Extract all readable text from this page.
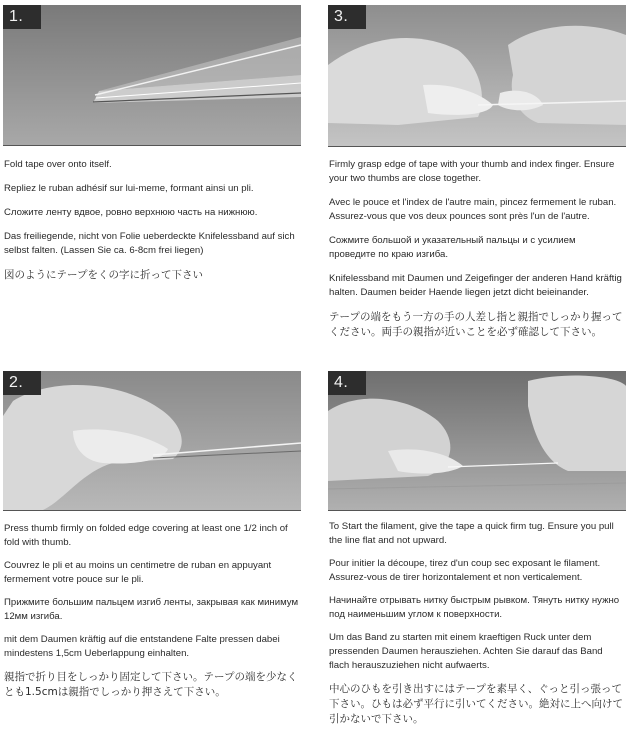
1.

Fold tape over onto itself.

Repliez le ruban adhésif sur lui-meme, formant ainsi un pli.

Сложите ленту вдвое, ровно верхнюю часть на нижнюю.

Das freiliegende, nicht von Folie ueberdeckte Knifelessband auf sich selbst falten. (Lassen Sie ca. 6-8cm frei liegen)

図のようにテープをくの字に折って下さい

3.

Firmly grasp edge of tape with your thumb and index finger. Ensure your two thumbs are close together.

Avec le pouce et l'index de l'autre main, pincez fermement le ruban. Assurez-vous que vos deux pounces sont près l'un de l'autre.

Сожмите большой и указательный пальцы и с усилием проведите по краю изгиба.

Knifelessband mit Daumen und Zeigefinger der anderen Hand kräftig halten. Daumen beider Haende liegen jetzt dicht beieinander.

テープの端をもう一方の手の人差し指と親指でしっかり握ってください。両手の親指が近いことを必ず確認して下さい。

2.

Press thumb firmly on folded edge covering at least one 1/2 inch of fold with thumb.

Couvrez le pli et au moins un centimetre de ruban en appuyant fermement votre pouce sur le pli.

Прижмите большим пальцем изгиб ленты, закрывая как минимум 12мм изгиба.

mit dem Daumen kräftig auf die entstandene Falte pressen dabei mindestens 1,5cm Ueberlappung einhalten.

親指で折り目をしっかり固定して下さい。テープの端を少なくとも1.5cmは親指でしっかり押さえて下さい。

4.

To Start the filament, give the tape a quick firm tug. Ensure you pull the line flat and not upward.

Pour initier la découpe, tirez d'un coup sec exposant le filament. Assurez-vous de tirer horizontalement et non verticalement.

Начинайте отрывать нитку быстрым рывком. Тянуть нитку нужно под наименьшим углом к поверхности.

Um das Band zu starten mit einem kraeftigen Ruck unter dem pressenden Daumen herausziehen. Achten Sie darauf das Band flach herauszuziehen nicht aufwaerts.

中心のひもを引き出すにはテープを素早く、ぐっと引っ張って下さい。ひもは必ず平行に引いてください。絶対に上へ向けて引かないで下さい。
